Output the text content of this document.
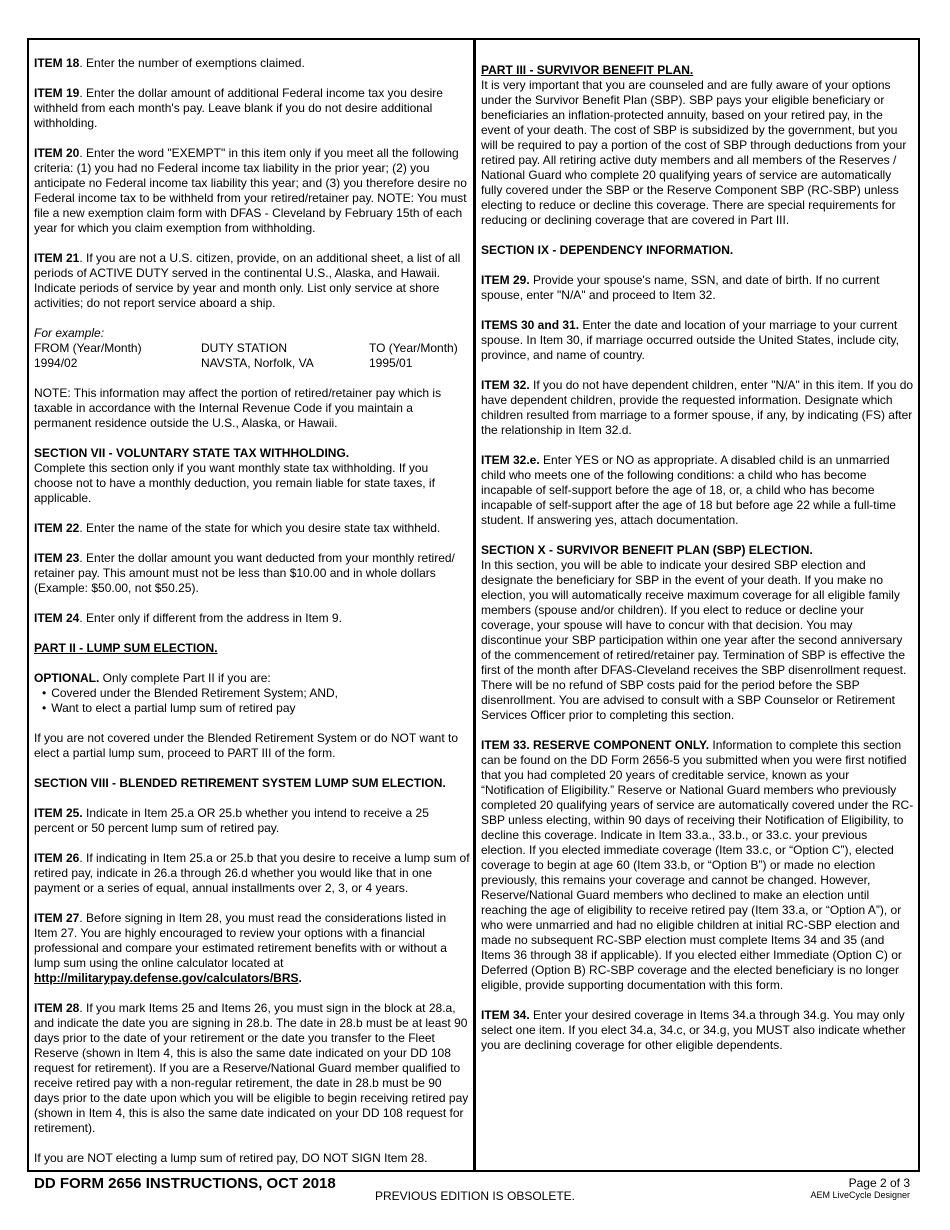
ITEM 18. Enter the number of exemptions claimed.

ITEM 19. Enter the dollar amount of additional Federal income tax you desire withheld from each month's pay. Leave blank if you do not desire additional withholding.

ITEM 20. Enter the word "EXEMPT" in this item only if you meet all the following criteria: (1) you had no Federal income tax liability in the prior year; (2) you anticipate no Federal income tax liability this year; and (3) you therefore desire no Federal income tax to be withheld from your retired/retainer pay. NOTE: You must file a new exemption claim form with DFAS - Cleveland by February 15th of each year for which you claim exemption from withholding.

ITEM 21. If you are not a U.S. citizen, provide, on an additional sheet, a list of all periods of ACTIVE DUTY served in the continental U.S., Alaska, and Hawaii. Indicate periods of service by year and month only. List only service at shore activities; do not report service aboard a ship.

For example:
FROM (Year/Month)	DUTY STATION	TO (Year/Month)
1994/02	NAVSTA, Norfolk, VA	1995/01

NOTE: This information may affect the portion of retired/retainer pay which is taxable in accordance with the Internal Revenue Code if you maintain a permanent residence outside the U.S., Alaska, or Hawaii.

SECTION VII - VOLUNTARY STATE TAX WITHHOLDING.
Complete this section only if you want monthly state tax withholding. If you choose not to have a monthly deduction, you remain liable for state taxes, if applicable.

ITEM 22. Enter the name of the state for which you desire state tax withheld.

ITEM 23. Enter the dollar amount you want deducted from your monthly retired/ retainer pay. This amount must not be less than $10.00 and in whole dollars (Example: $50.00, not $50.25).

ITEM 24. Enter only if different from the address in Item 9.

PART II - LUMP SUM ELECTION.

OPTIONAL. Only complete Part II if you are:
• Covered under the Blended Retirement System; AND,
• Want to elect a partial lump sum of retired pay

If you are not covered under the Blended Retirement System or do NOT want to elect a partial lump sum, proceed to PART III of the form.

SECTION VIII - BLENDED RETIREMENT SYSTEM LUMP SUM ELECTION.

ITEM 25. Indicate in Item 25.a OR 25.b whether you intend to receive a 25 percent or 50 percent lump sum of retired pay.

ITEM 26. If indicating in Item 25.a or 25.b that you desire to receive a lump sum of retired pay, indicate in 26.a through 26.d whether you would like that in one payment or a series of equal, annual installments over 2, 3, or 4 years.

ITEM 27. Before signing in Item 28, you must read the considerations listed in Item 27. You are highly encouraged to review your options with a financial professional and compare your estimated retirement benefits with or without a lump sum using the online calculator located at http://militarypay.defense.gov/calculators/BRS.

ITEM 28. If you mark Items 25 and Items 26, you must sign in the block at 28.a, and indicate the date you are signing in 28.b. The date in 28.b must be at least 90 days prior to the date of your retirement or the date you transfer to the Fleet Reserve (shown in Item 4, this is also the same date indicated on your DD 108 request for retirement). If you are a Reserve/National Guard member qualified to receive retired pay with a non-regular retirement, the date in 28.b must be 90 days prior to the date upon which you will be eligible to begin receiving retired pay (shown in Item 4, this is also the same date indicated on your DD 108 request for retirement).

If you are NOT electing a lump sum of retired pay, DO NOT SIGN Item 28.

PART III - SURVIVOR BENEFIT PLAN.

It is very important that you are counseled and are fully aware of your options under the Survivor Benefit Plan (SBP). SBP pays your eligible beneficiary or beneficiaries an inflation-protected annuity, based on your retired pay, in the event of your death. The cost of SBP is subsidized by the government, but you will be required to pay a portion of the cost of SBP through deductions from your retired pay. All retiring active duty members and all members of the Reserves / National Guard who complete 20 qualifying years of service are automatically fully covered under the SBP or the Reserve Component SBP (RC-SBP) unless electing to reduce or decline this coverage. There are special requirements for reducing or declining coverage that are covered in Part III.

SECTION IX - DEPENDENCY INFORMATION.

ITEM 29. Provide your spouse's name, SSN, and date of birth. If no current spouse, enter "N/A" and proceed to Item 32.

ITEMS 30 and 31. Enter the date and location of your marriage to your current spouse. In Item 30, if marriage occurred outside the United States, include city, province, and name of country.

ITEM 32. If you do not have dependent children, enter "N/A" in this item. If you do have dependent children, provide the requested information. Designate which children resulted from marriage to a former spouse, if any, by indicating (FS) after the relationship in Item 32.d.

ITEM 32.e. Enter YES or NO as appropriate. A disabled child is an unmarried child who meets one of the following conditions: a child who has become incapable of self-support before the age of 18, or, a child who has become incapable of self-support after the age of 18 but before age 22 while a full-time student. If answering yes, attach documentation.

SECTION X - SURVIVOR BENEFIT PLAN (SBP) ELECTION.
In this section, you will be able to indicate your desired SBP election and designate the beneficiary for SBP in the event of your death. If you make no election, you will automatically receive maximum coverage for all eligible family members (spouse and/or children). If you elect to reduce or decline your coverage, your spouse will have to concur with that decision. You may discontinue your SBP participation within one year after the second anniversary of the commencement of retired/retainer pay. Termination of SBP is effective the first of the month after DFAS-Cleveland receives the SBP disenrollment request. There will be no refund of SBP costs paid for the period before the SBP disenrollment. You are advised to consult with a SBP Counselor or Retirement Services Officer prior to completing this section.

ITEM 33. RESERVE COMPONENT ONLY. Information to complete this section can be found on the DD Form 2656-5 you submitted when you were first notified that you had completed 20 years of creditable service, known as your “Notification of Eligibility.” Reserve or National Guard members who previously completed 20 qualifying years of service are automatically covered under the RC-SBP unless electing, within 90 days of receiving their Notification of Eligibility, to decline this coverage. Indicate in Item 33.a., 33.b., or 33.c. your previous election. If you elected immediate coverage (Item 33.c, or “Option C”), elected coverage to begin at age 60 (Item 33.b, or “Option B”) or made no election previously, this remains your coverage and cannot be changed. However, Reserve/National Guard members who declined to make an election until reaching the age of eligibility to receive retired pay (Item 33.a, or “Option A”), or who were unmarried and had no eligible children at initial RC-SBP election and made no subsequent RC-SBP election must complete Items 34 and 35 (and Items 36 through 38 if applicable). If you elected either Immediate (Option C) or Deferred (Option B) RC-SBP coverage and the elected beneficiary is no longer eligible, provide supporting documentation with this form.

ITEM 34. Enter your desired coverage in Items 34.a through 34.g. You may only select one item. If you elect 34.a, 34.c, or 34.g, you MUST also indicate whether you are declining coverage for other eligible dependents.

DD FORM 2656 INSTRUCTIONS, OCT 2018
PREVIOUS EDITION IS OBSOLETE.
Page 2 of 3
AEM LiveCycle Designer
